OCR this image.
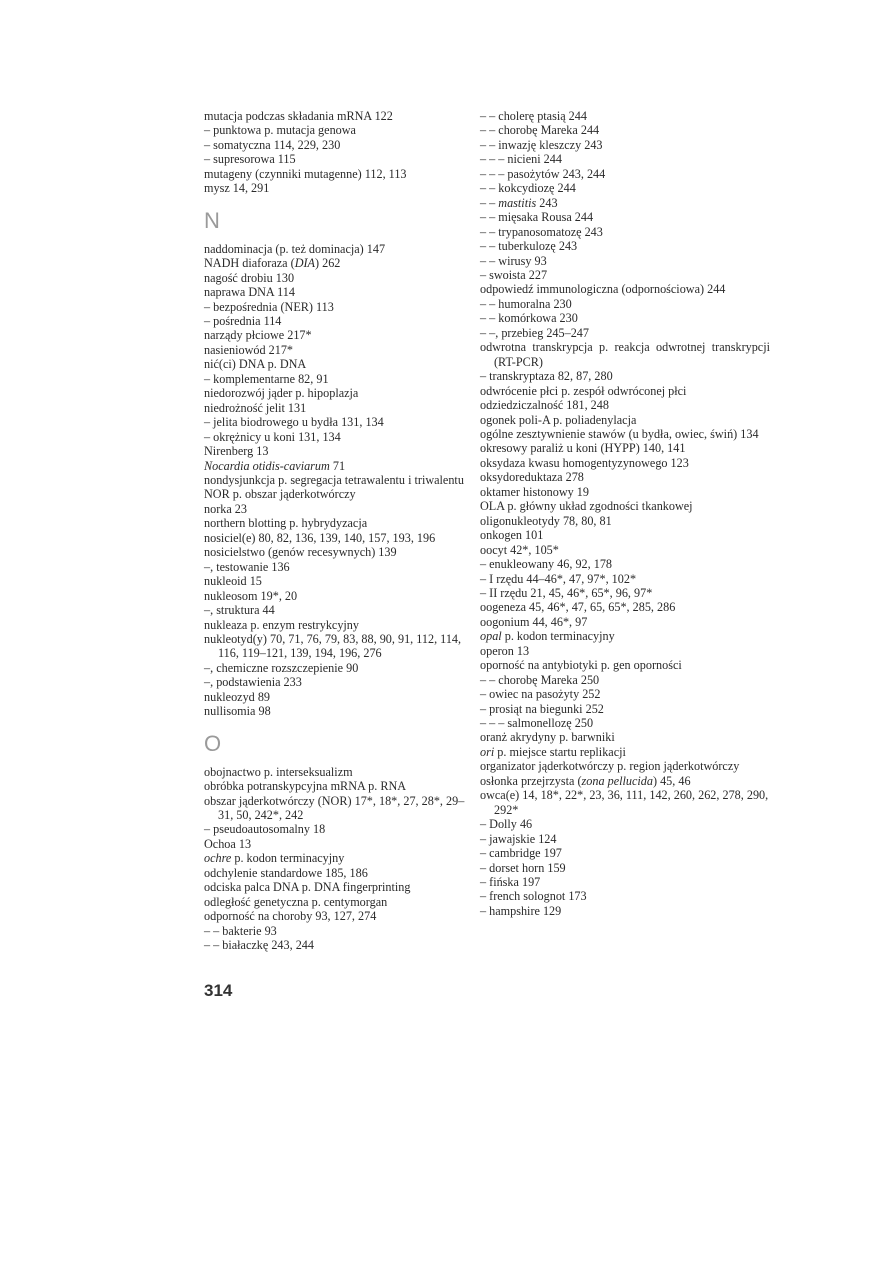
mutacja podczas składania mRNA 122
– punktowa p. mutacja genowa
– somatyczna 114, 229, 230
– supresorowa 115
mutageny (czynniki mutagenne) 112, 113
mysz 14, 291
N
naddominacja (p. też dominacja) 147
NADH diaforaza (DIA) 262
nagość drobiu 130
naprawa DNA 114
– bezpośrednia (NER) 113
– pośrednia 114
narządy płciowe 217*
nasieniowód 217*
nić(ci) DNA p. DNA
– komplementarne 82, 91
niedorozwój jąder p. hipoplazja
niedrożność jelit 131
– jelita biodrowego u bydła 131, 134
– okrężnicy u koni 131, 134
Nirenberg 13
Nocardia otidis-caviarum 71
nondysjunkcja p. segregacja tetrawalentu i triwalentu
NOR p. obszar jąderkotwórczy
norka 23
northern blotting p. hybrydyzacja
nosiciel(e) 80, 82, 136, 139, 140, 157, 193, 196
nosicielstwo (genów recesywnych) 139
–, testowanie 136
nukleoid 15
nukleosom 19*, 20
–, struktura 44
nukleaza p. enzym restrykcyjny
nukleotyd(y) 70, 71, 76, 79, 83, 88, 90, 91, 112, 114, 116, 119–121, 139, 194, 196, 276
–, chemiczne rozszczepienie 90
–, podstawienia 233
nukleozyd 89
nullisomia 98
O
obojnactwo p. interseksualizm
obróbka potranskypcyjna mRNA p. RNA
obszar jąderkotwórczy (NOR) 17*, 18*, 27, 28*, 29–31, 50, 242*, 242
– pseudoautosomalny 18
Ochoa 13
ochre p. kodon terminacyjny
odchylenie standardowe 185, 186
odciska palca DNA p. DNA fingerprinting
odległość genetyczna p. centymorgan
odporność na choroby 93, 127, 274
– – bakterie 93
– – białaczkę 243, 244
– – cholerę ptasią 244
– – chorobę Mareka 244
– – inwazję kleszczy 243
– – – nicieni 244
– – – pasożytów 243, 244
– – kokcydiozę 244
– – mastitis 243
– – mięsaka Rousa 244
– – trypanosomatozę 243
– – tuberkulozę 243
– – wirusy 93
– swoista 227
odpowiedź immunologiczna (odpornościowa) 244
– – humoralna 230
– – komórkowa 230
– –, przebieg 245–247
odwrotna transkrypcja p. reakcja odwrotnej transkrypcji (RT-PCR)
– transkryptaza 82, 87, 280
odwrócenie płci p. zespół odwróconej płci
odziedziczalność 181, 248
ogonek poli-A p. poliadenylacja
ogólne zesztywnienie stawów (u bydła, owiec, świń) 134
okresowy paraliż u koni (HYPP) 140, 141
oksydaza kwasu homogentyzynowego 123
oksydoreduktaza 278
oktamer histonowy 19
OLA p. główny układ zgodności tkankowej
oligonukleotydy 78, 80, 81
onkogen 101
oocyt 42*, 105*
– enukleowany 46, 92, 178
– I rzędu 44–46*, 47, 97*, 102*
– II rzędu 21, 45, 46*, 65*, 96, 97*
oogeneza 45, 46*, 47, 65, 65*, 285, 286
oogonium 44, 46*, 97
opal p. kodon terminacyjny
operon 13
oporność na antybiotyki p. gen oporności
– – chorobę Mareka 250
– owiec na pasożyty 252
– prosiąt na biegunki 252
– – – salmonellozę 250
oranż akrydyny p. barwniki
ori p. miejsce startu replikacji
organizator jąderkotwórczy p. region jąderkotwórczy
osłonka przejrzysta (zona pellucida) 45, 46
owca(e) 14, 18*, 22*, 23, 36, 111, 142, 260, 262, 278, 290, 292*
– Dolly 46
– jawajskie 124
– cambridge 197
– dorset horn 159
– fińska 197
– french solognot 173
– hampshire 129
314
